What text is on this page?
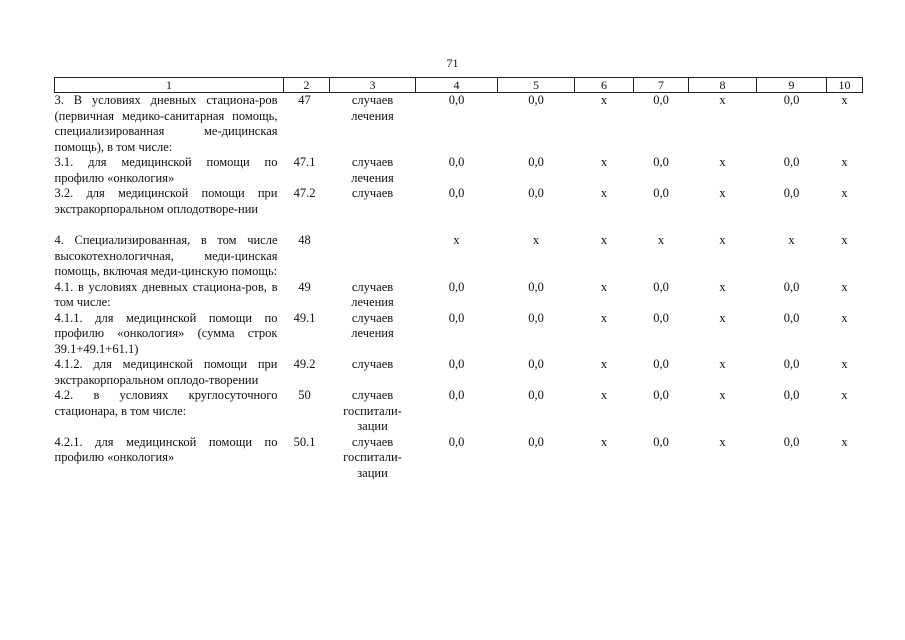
71
1	2	3	4	5	6	7	8	9	10
3. В условиях дневных стациона-ров (первичная медико-санитарная помощь, специализированная ме-дицинская помощь), в том числе:	47	случаев лечения	0,0	0,0	х	0,0	х	0,0	х
3.1. для медицинской помощи по профилю «онкология»	47.1	случаев лечения	0,0	0,0	х	0,0	х	0,0	х
3.2. для медицинской помощи при экстракорпоральном оплодотворе-нии	47.2	случаев	0,0	0,0	х	0,0	х	0,0	х

4. Специализированная, в том числе высокотехнологичная, меди-цинская помощь, включая меди-цинскую помощь:	48		х	х	х	х	х	х	х
4.1. в условиях дневных стациона-ров, в том числе:	49	случаев лечения	0,0	0,0	х	0,0	х	0,0	х
4.1.1. для медицинской помощи по профилю «онкология» (сумма строк 39.1+49.1+61.1)	49.1	случаев лечения	0,0	0,0	х	0,0	х	0,0	х
4.1.2. для медицинской помощи при экстракорпоральном оплодо-творении	49.2	случаев	0,0	0,0	х	0,0	х	0,0	х
4.2. в условиях круглосуточного стационара, в том числе:	50	случаев госпитали-зации	0,0	0,0	х	0,0	х	0,0	х
4.2.1. для медицинской помощи по профилю «онкология»	50.1	случаев госпитали-зации	0,0	0,0	х	0,0	х	0,0	х
